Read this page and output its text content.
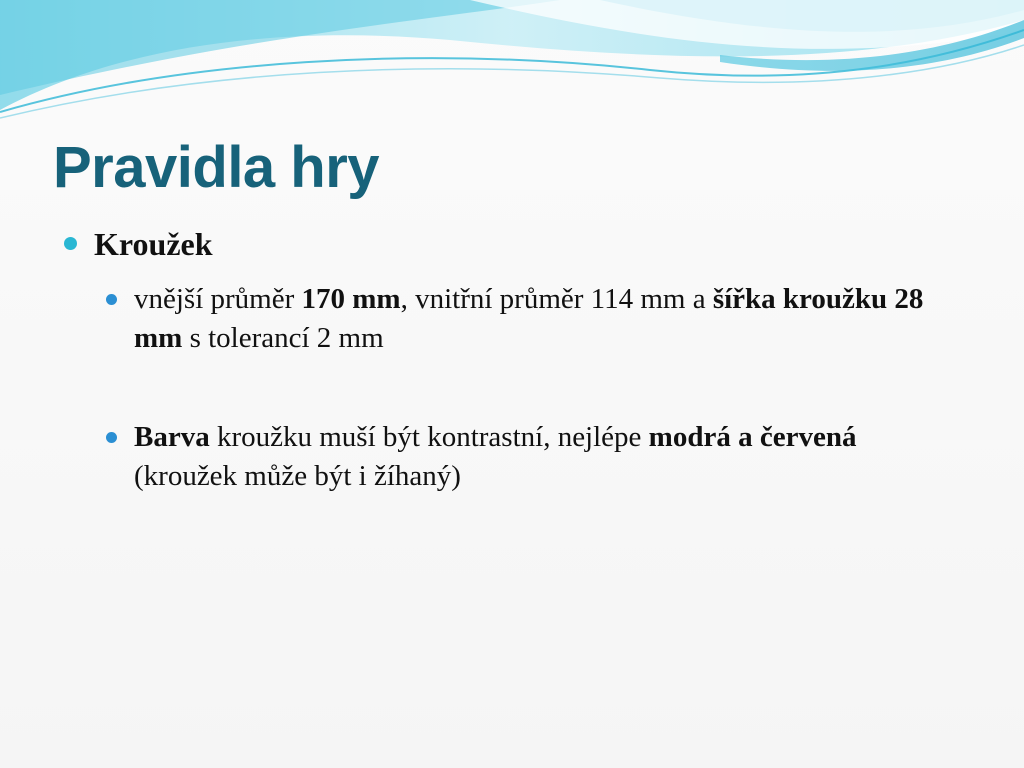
Pravidla hry
Kroužek
vnější průměr 170 mm, vnitřní průměr 114 mm a šířka kroužku 28 mm s tolerancí 2 mm
Barva kroužku muší být kontrastní, nejlépe modrá a červená (kroužek může být i žíhaný)
